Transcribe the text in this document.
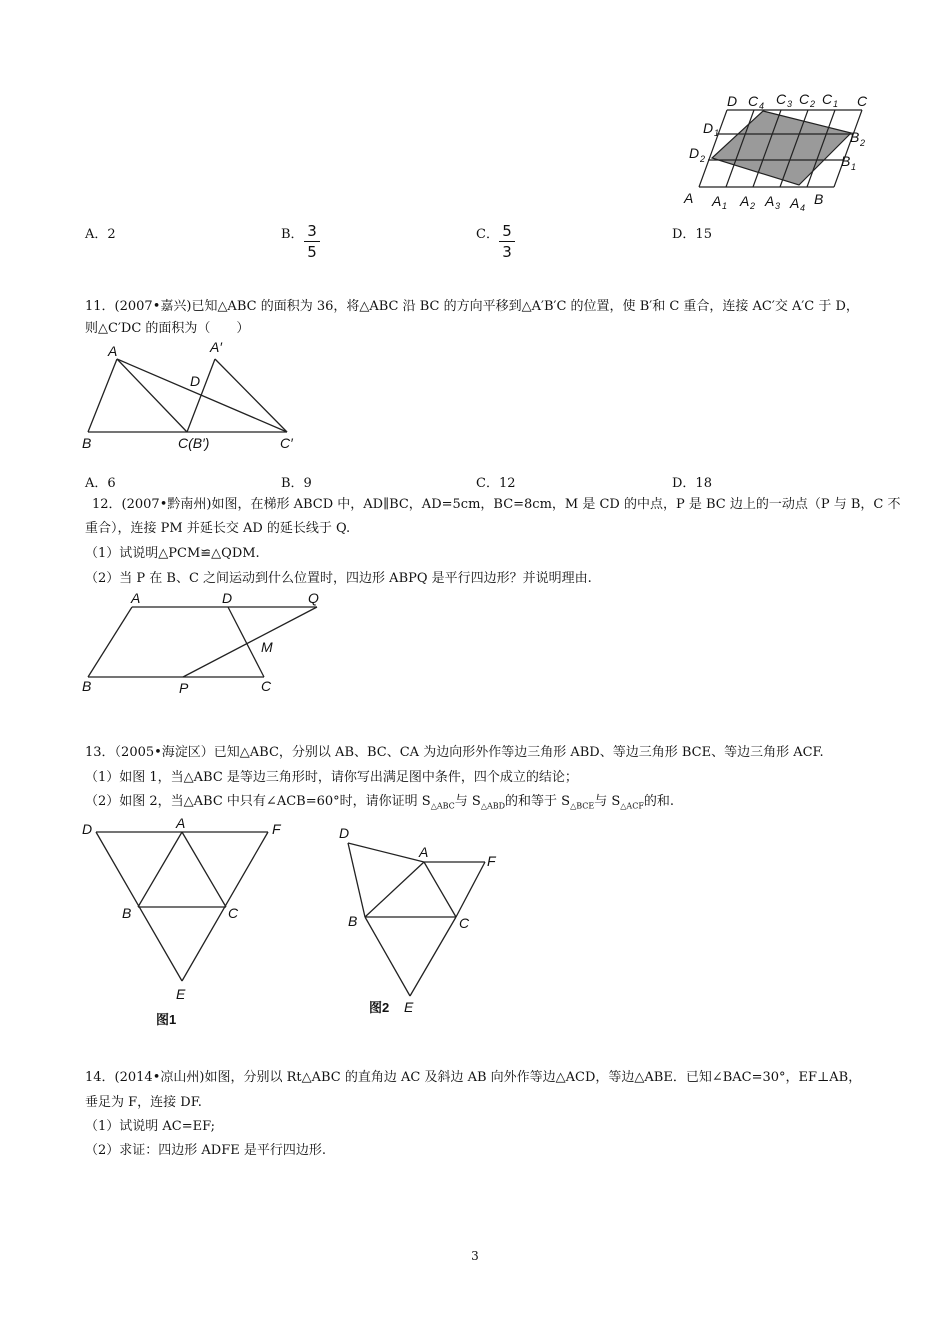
D C 4 C 3 C 2 C 1 C
D 1	B 2
D 2	B 1
A A 1 A 2 A 3 A 4
B
A．2	B． 3
5
C． 5
3
D．15
11．(2007•嘉兴)已知△ABC 的面积为 36，将△ABC 沿 BC 的方向平移到△A′B′C 的位置，使 B′和 C 重合，连接 AC′交 A′C 于 D，
则△C′DC 的面积为（　　）
A	A′
D
B	C(B′)	C′
A．6	B．9	C．12	D．18
12．(2007•黔南州)如图，在梯形 ABCD 中，AD∥BC，AD=5cm，BC=8cm，M 是 CD 的中点，P 是 BC 边上的一动点（P 与 B，C 不
重合），连接 PM 并延长交 AD 的延长线于 Q.
（1）试说明△PCM≌△QDM.
（2）当 P 在 B、C 之间运动到什么位置时，四边形 ABPQ 是平行四边形？并说明理由.
A	D	Q
M
B	P	C
13．（2005•海淀区）已知△ABC，分别以 AB、BC、CA 为边向形外作等边三角形 ABD、等边三角形 BCE、等边三角形 ACF.
（1）如图 1，当△ABC 是等边三角形时，请你写出满足图中条件，四个成立的结论；
（2）如图 2，当△ABC 中只有∠ACB=60°时，请你证明 $S_{\triangle ABC}$与 $S_{\triangle ABD}$的和等于 $S_{\triangle BCE}$与 $S_{\triangle ACF}$的和.
D	A	F
B	C
E
图1
D
A
F
B	C
E
图2
14．(2014•凉山州)如图，分别以 Rt△ABC 的直角边 AC 及斜边 AB 向外作等边△ACD，等边△ABE．已知∠BAC=30°，EF⊥AB，
垂足为 F，连接 DF.
（1）试说明 AC=EF;
（2）求证：四边形 ADFE 是平行四边形.
3
